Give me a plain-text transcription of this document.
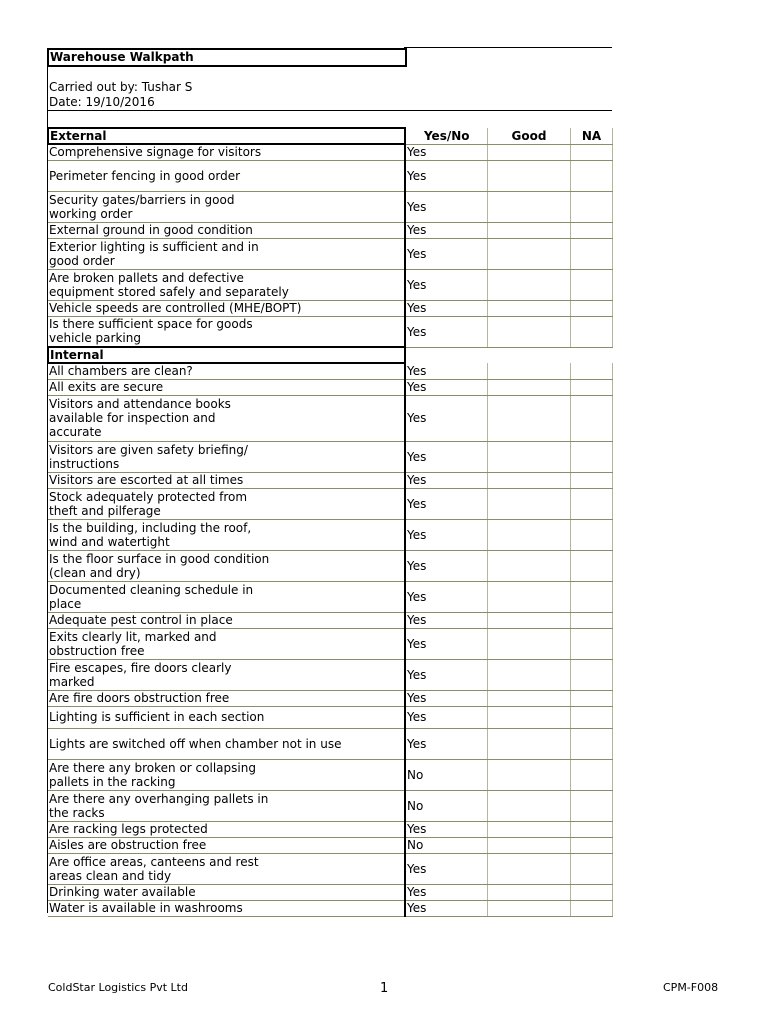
Warehouse Walkpath
Carried out by: Tushar S
Date: 19/10/2016
External	Yes/No	Good	NA
Comprehensive signage for visitors	Yes		
Perimeter fencing in good order	Yes		
Security gates/barriers in good
working order	Yes		
External ground in good condition	Yes		
Exterior lighting is sufficient and in
good order	Yes		
Are broken pallets and defective
equipment stored safely and separately	Yes		
Vehicle speeds are controlled (MHE/BOPT)	Yes		
Is there sufficient space for goods
vehicle parking	Yes		
Internal			
All chambers are clean?	Yes		
All exits are secure	Yes		
Visitors and attendance books
available for inspection and
accurate	Yes		
Visitors are given safety briefing/
instructions	Yes		
Visitors are escorted at all times	Yes		
Stock adequately protected from
theft and pilferage	Yes		
Is the building, including the roof,
wind and watertight	Yes		
Is the floor surface in good condition
(clean and dry)	Yes		
Documented cleaning schedule in
place	Yes		
Adequate pest control in place	Yes		
Exits clearly lit, marked and
obstruction free	Yes		
Fire escapes, fire doors clearly
marked	Yes		
Are fire doors obstruction free	Yes		
Lighting is sufficient in each section	Yes		
Lights are switched off when chamber not in use	Yes		
Are there any broken or collapsing
pallets in the racking	No		
Are there any overhanging pallets in
the racks	No		
Are racking legs protected	Yes		
Aisles are obstruction free	No		
Are office areas, canteens and rest
areas clean and tidy	Yes		
Drinking water available	Yes		
Water is available in washrooms	Yes		
ColdStar Logistics Pvt Ltd	1	CPM-F008
